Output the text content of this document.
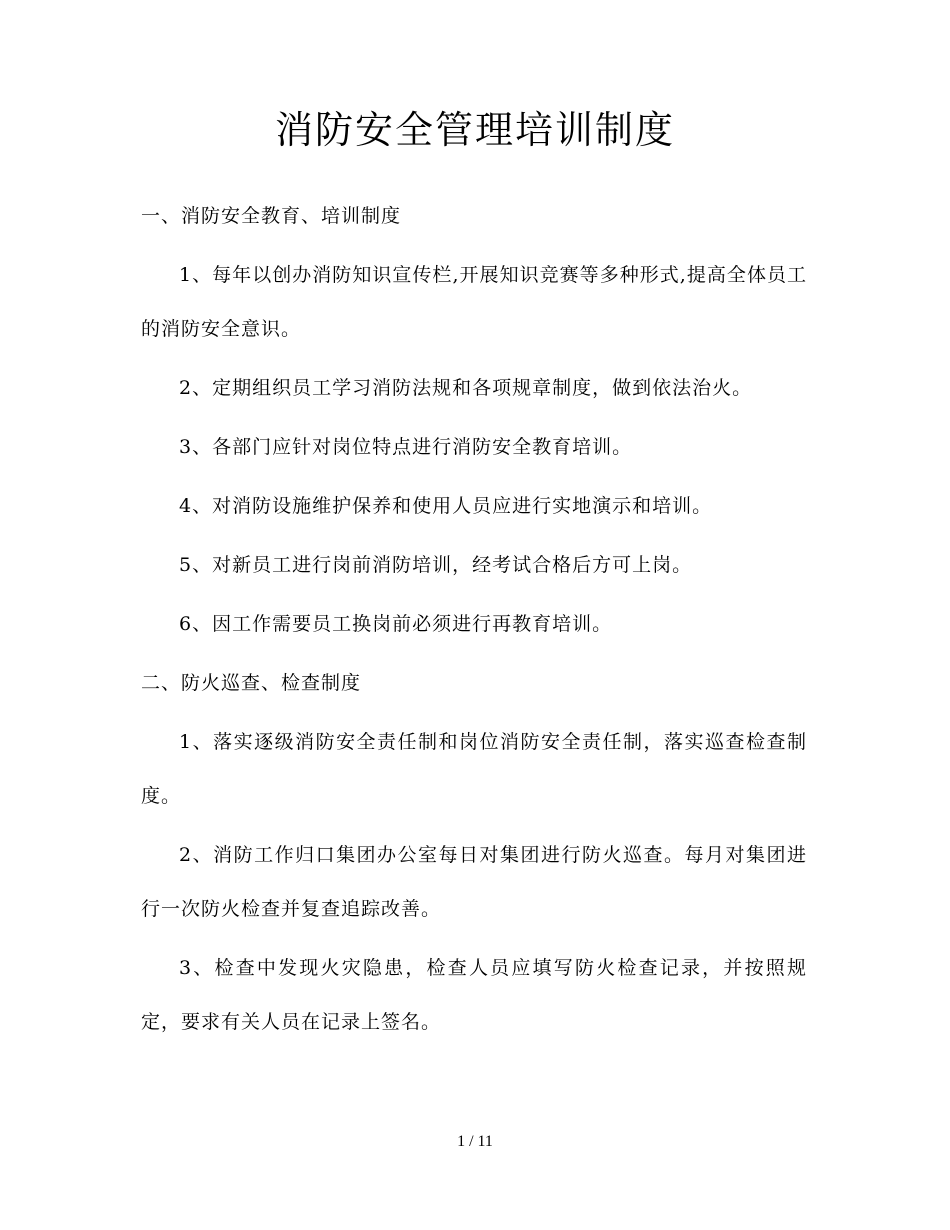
消防安全管理培训制度

一、消防安全教育、培训制度

1、每年以创办消防知识宣传栏,开展知识竞赛等多种形式,提高全体员工的消防安全意识。

2、定期组织员工学习消防法规和各项规章制度，做到依法治火。

3、各部门应针对岗位特点进行消防安全教育培训。

4、对消防设施维护保养和使用人员应进行实地演示和培训。

5、对新员工进行岗前消防培训，经考试合格后方可上岗。

6、因工作需要员工换岗前必须进行再教育培训。

二、防火巡查、检查制度

1、落实逐级消防安全责任制和岗位消防安全责任制，落实巡查检查制度。

2、消防工作归口集团办公室每日对集团进行防火巡查。每月对集团进行一次防火检查并复查追踪改善。

3、检查中发现火灾隐患，检查人员应填写防火检查记录，并按照规定，要求有关人员在记录上签名。

1 / 11
